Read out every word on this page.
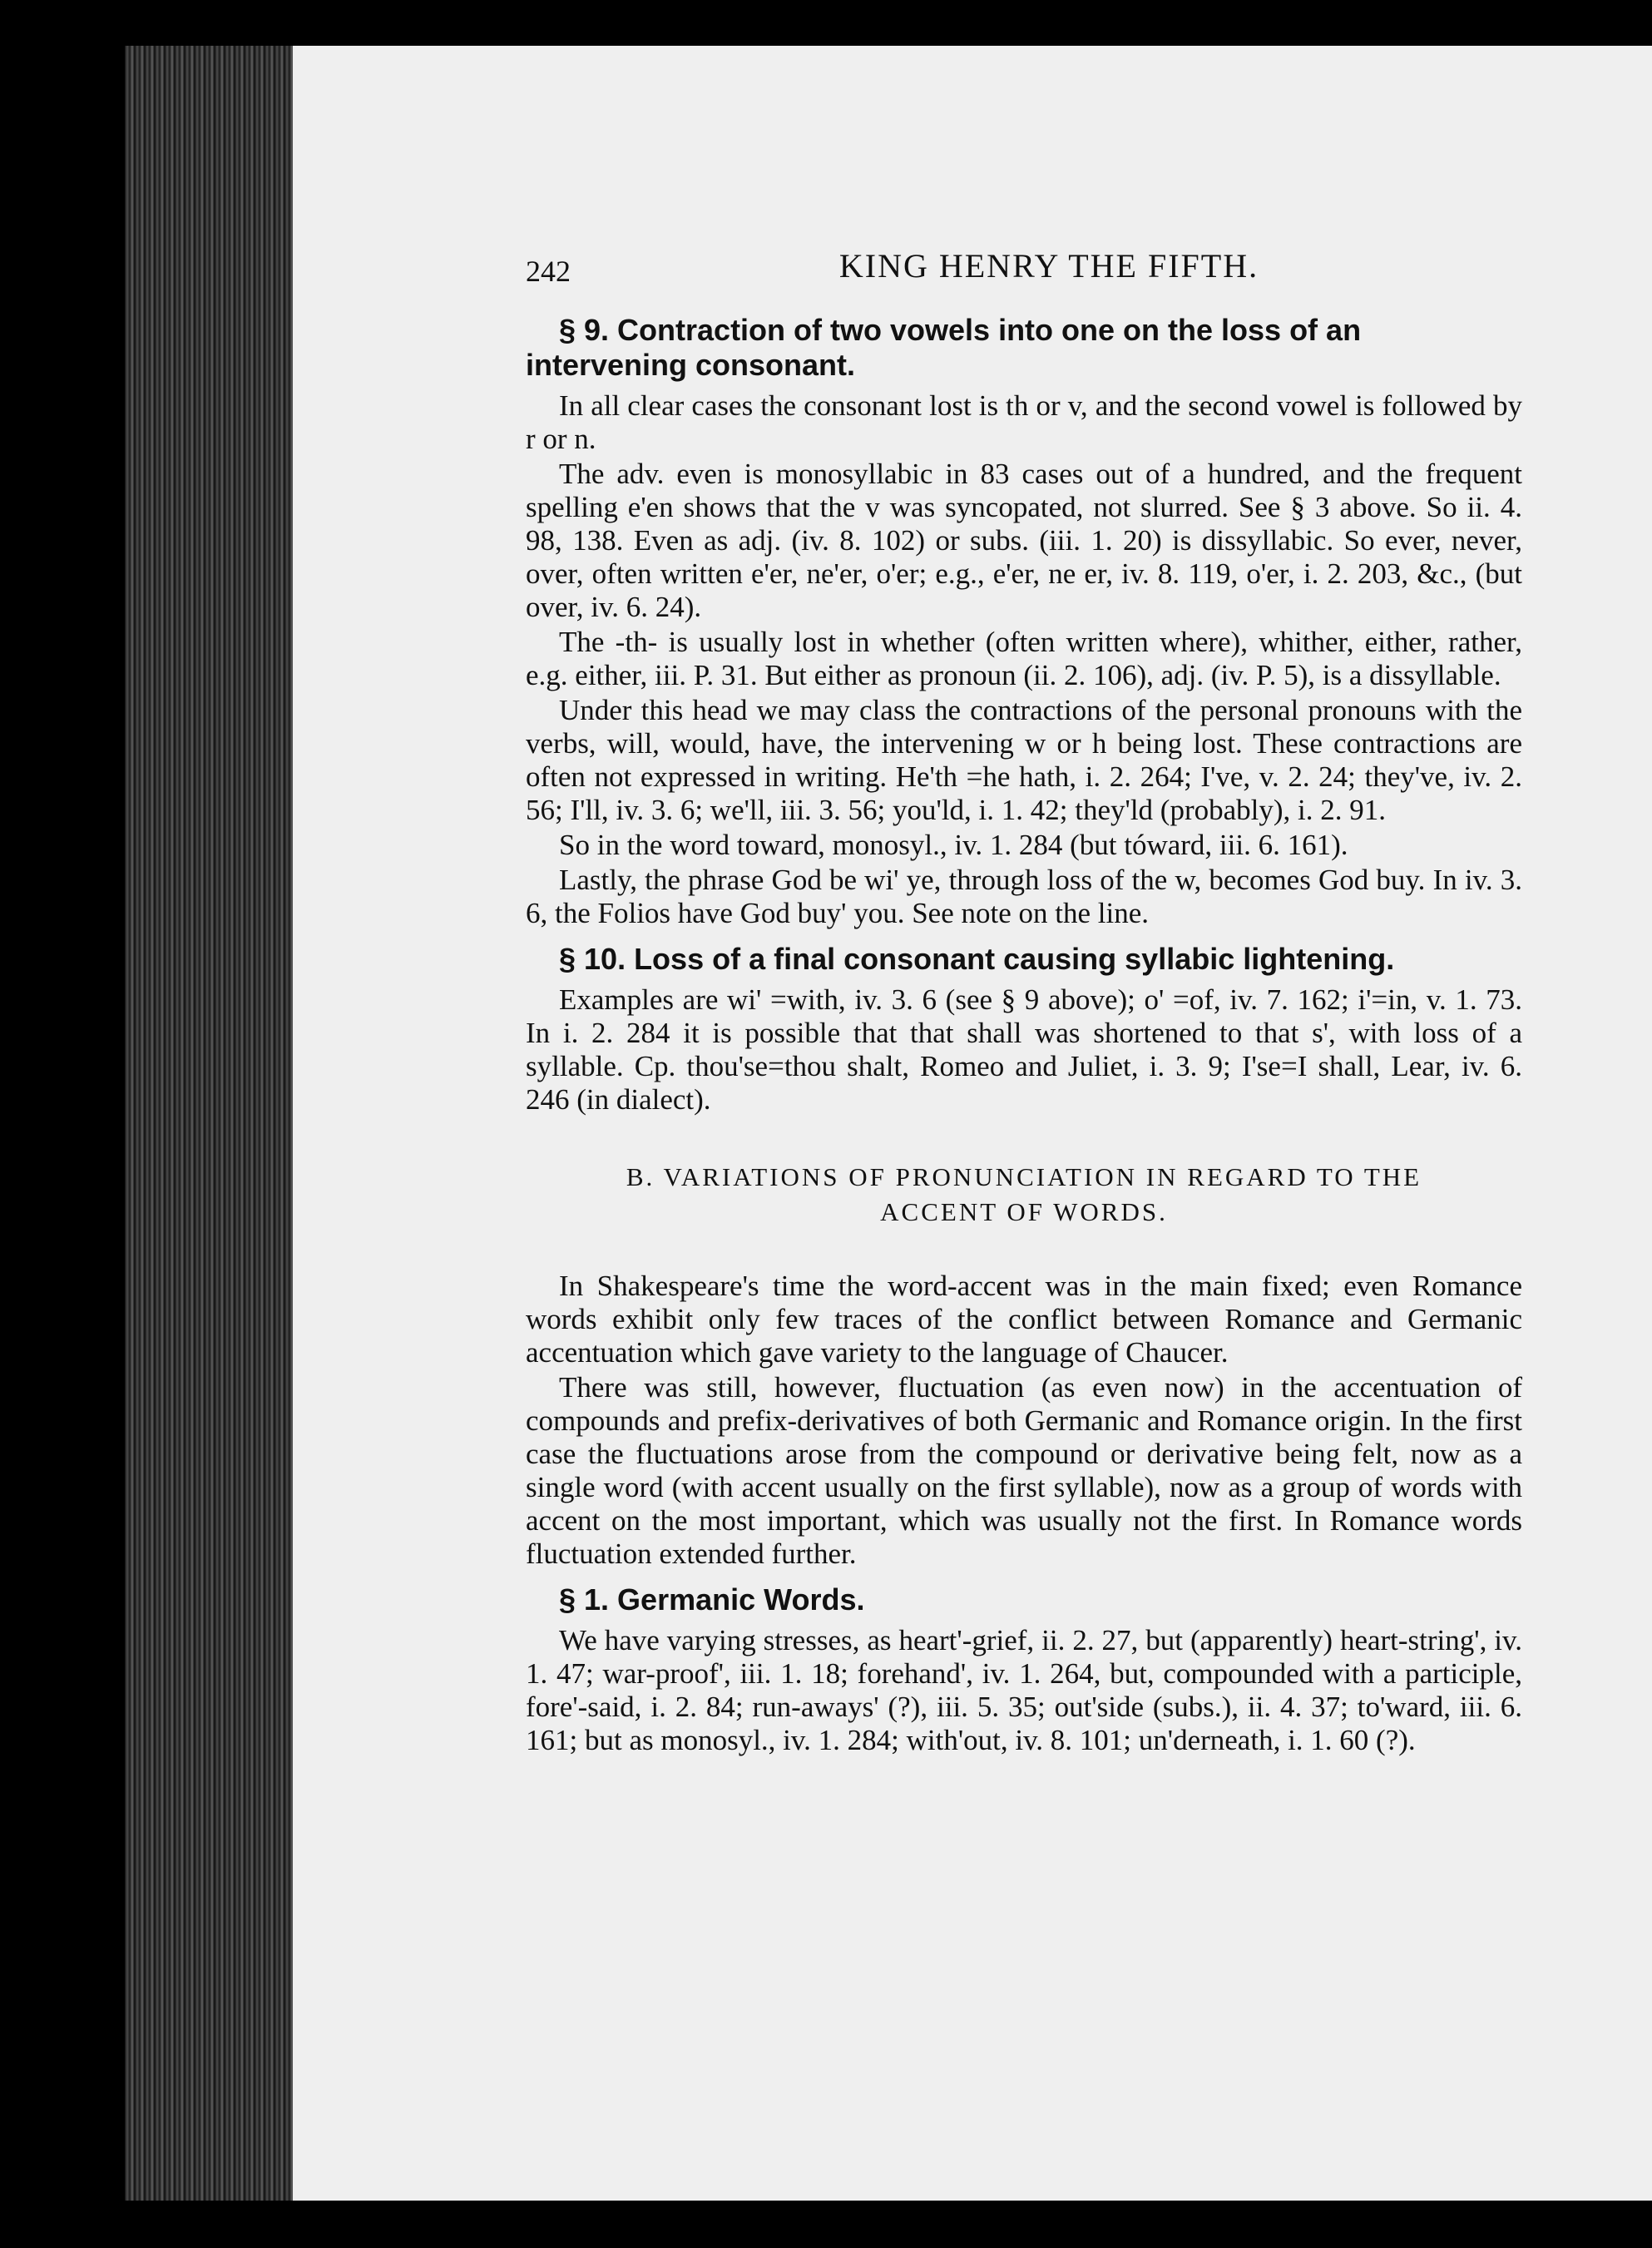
242	KING HENRY THE FIFTH.
§ 9. Contraction of two vowels into one on the loss of an intervening consonant.

In all clear cases the consonant lost is th or v, and the second vowel is followed by r or n.

The adv. even is monosyllabic in 83 cases out of a hundred, and the frequent spelling e'en shows that the v was syncopated, not slurred. See § 3 above. So ii. 4. 98, 138. Even as adj. (iv. 8. 102) or subs. (iii. 1. 20) is dissyllabic. So ever, never, over, often written e'er, ne'er, o'er; e.g., e'er, ne er, iv. 8. 119, o'er, i. 2. 203, &c., (but over, iv. 6. 24).

The -th- is usually lost in whether (often written where), whither, either, rather, e.g. either, iii. P. 31. But either as pronoun (ii. 2. 106), adj. (iv. P. 5), is a dissyllable.

Under this head we may class the contractions of the personal pronouns with the verbs, will, would, have, the intervening w or h being lost. These contractions are often not expressed in writing. He'th =he hath, i. 2. 264; I've, v. 2. 24; they've, iv. 2. 56; I'll, iv. 3. 6; we'll, iii. 3. 56; you'ld, i. 1. 42; they'ld (probably), i. 2. 91.

So in the word toward, monosyl., iv. 1. 284 (but tóward, iii. 6. 161).

Lastly, the phrase God be wi' ye, through loss of the w, becomes God buy. In iv. 3. 6, the Folios have God buy' you. See note on the line.

§ 10. Loss of a final consonant causing syllabic lightening.

Examples are wi' =with, iv. 3. 6 (see § 9 above); o' =of, iv. 7. 162; i'=in, v. 1. 73. In i. 2. 284 it is possible that that shall was shortened to that s', with loss of a syllable. Cp. thou'se=thou shalt, Romeo and Juliet, i. 3. 9; I'se=I shall, Lear, iv. 6. 246 (in dialect).

B. VARIATIONS OF PRONUNCIATION IN REGARD TO THE
ACCENT OF WORDS.

In Shakespeare's time the word-accent was in the main fixed; even Romance words exhibit only few traces of the conflict between Romance and Germanic accentuation which gave variety to the language of Chaucer.

There was still, however, fluctuation (as even now) in the accentuation of compounds and prefix-derivatives of both Germanic and Romance origin. In the first case the fluctuations arose from the compound or derivative being felt, now as a single word (with accent usually on the first syllable), now as a group of words with accent on the most important, which was usually not the first. In Romance words fluctuation extended further.

§ 1. Germanic Words.

We have varying stresses, as heart'-grief, ii. 2. 27, but (apparently) heart-string', iv. 1. 47; war-proof', iii. 1. 18; forehand', iv. 1. 264, but, compounded with a participle, fore'-said, i. 2. 84; run-aways' (?), iii. 5. 35; out'side (subs.), ii. 4. 37; to'ward, iii. 6. 161; but as monosyl., iv. 1. 284; with'out, iv. 8. 101; un'derneath, i. 1. 60 (?).
